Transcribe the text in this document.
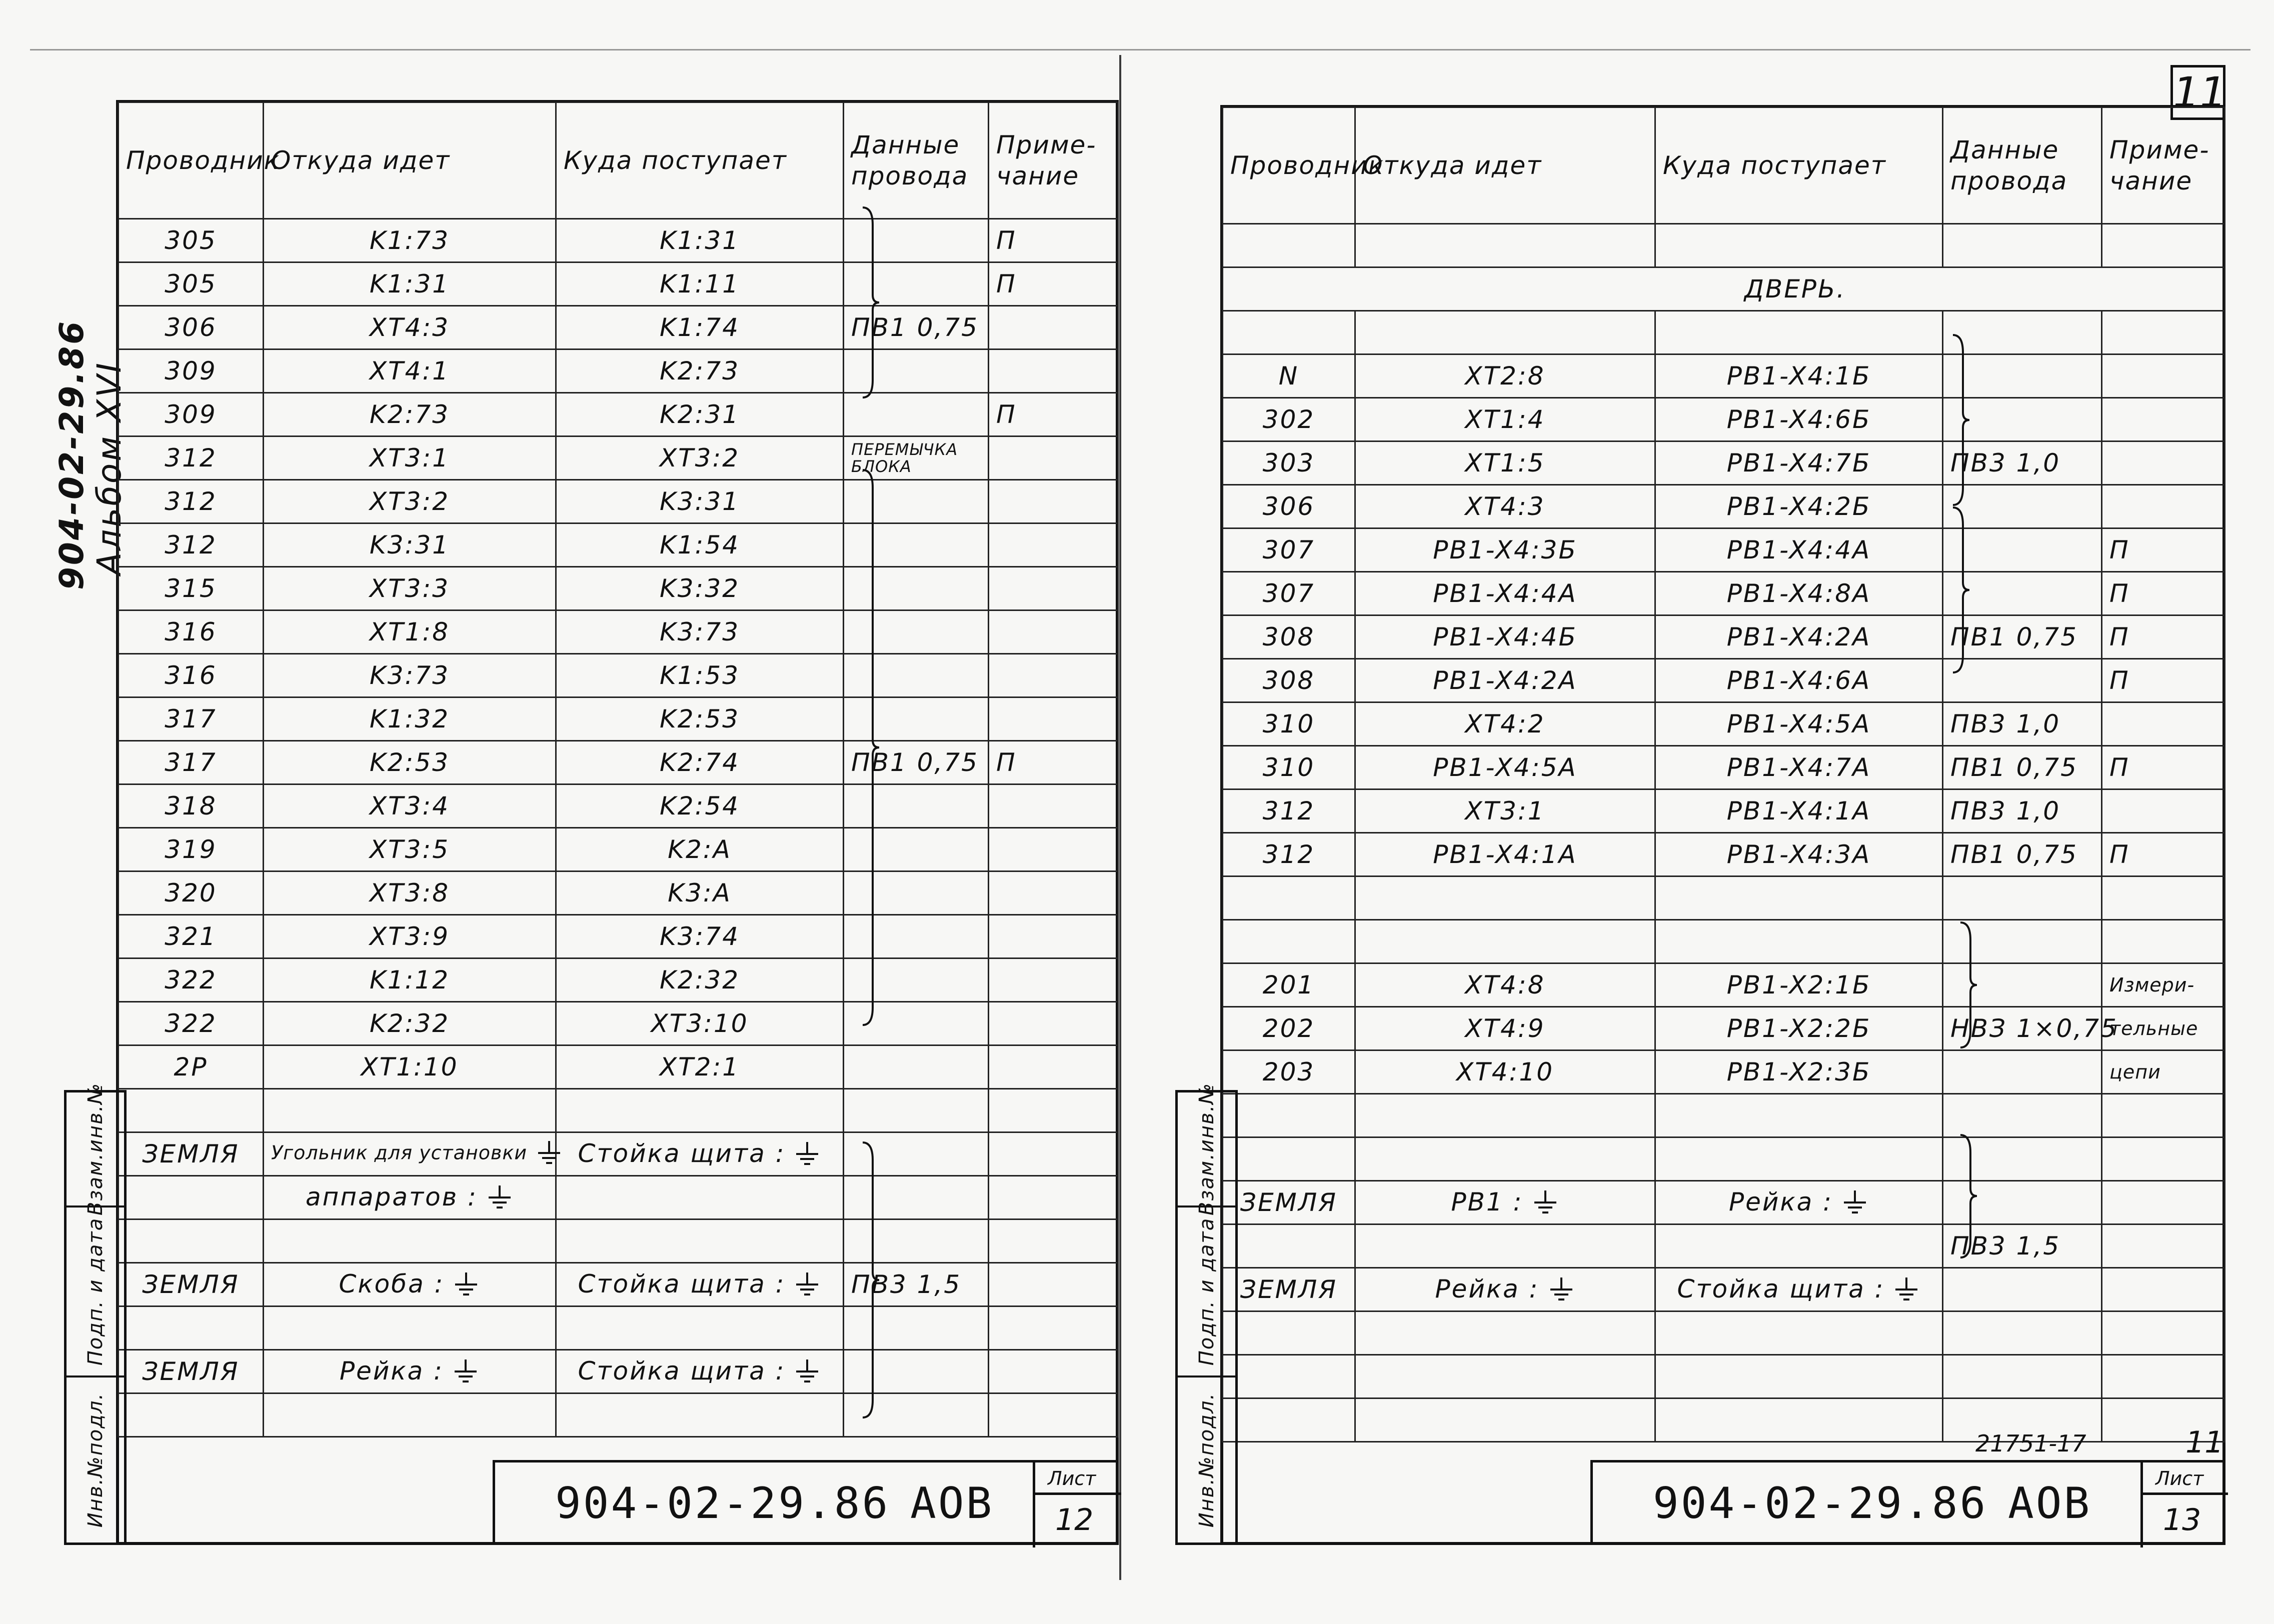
904-02-29.86
Альбом XVI
Проводник	Откуда идет	Куда поступает	Данные провода	Приме-чание
305	K1:73	K1:31		П
305	K1:31	K1:11		П
306	XT4:3	K1:74	ПВ1 0,75	
309	XT4:1	K2:73		
309	K2:73	K2:31		П
312	XT3:1	XT3:2	ПЕРЕМЫЧКА БЛОКА	
312	XT3:2	K3:31		
312	K3:31	K1:54		
315	XT3:3	K3:32		
316	XT1:8	K3:73		
316	K3:73	K1:53		
317	K1:32	K2:53		
317	K2:53	K2:74	ПВ1 0,75	П
318	XT3:4	K2:54		
319	XT3:5	K2:A		
320	XT3:8	K3:A		
321	XT3:9	K3:74		
322	K1:12	K2:32		
322	K2:32	XT3:10		
2P	XT1:10	XT2:1		

ЗЕМЛЯ	Угольник для установки	Стойка щита :		
	аппаратов :			

ЗЕМЛЯ	Скоба :	Стойка щита :	ПВ3 1,5	

ЗЕМЛЯ	Рейка :	Стойка щита :		

Взам.инв.№
Подп. и дата
Инв.№подл.	904-02-29.86 АОВ	Лист
12
11
Проводник	Откуда идет	Куда поступает	Данные провода	Приме-чание

ДВЕРЬ.				

N	XT2:8	PB1-X4:1Б		
302	XT1:4	PB1-X4:6Б		
303	XT1:5	PB1-X4:7Б	ПВ3 1,0	
306	XT4:3	PB1-X4:2Б		
307	PB1-X4:3Б	PB1-X4:4A		П
307	PB1-X4:4A	PB1-X4:8A		П
308	PB1-X4:4Б	PB1-X4:2A	ПВ1 0,75	П
308	PB1-X4:2A	PB1-X4:6A		П
310	XT4:2	PB1-X4:5A	ПВ3 1,0	
310	PB1-X4:5A	PB1-X4:7A	ПВ1 0,75	П
312	XT3:1	PB1-X4:1A	ПВ3 1,0	
312	PB1-X4:1A	PB1-X4:3A	ПВ1 0,75	П

201	XT4:8	PB1-X2:1Б		Измери-
202	XT4:9	PB1-X2:2Б	НВЗ 1×0,75	тельные
203	XT4:10	PB1-X2:3Б		цепи

ЗЕМЛЯ	PB1 :	Рейка :		
			ПВ3 1,5	
ЗЕМЛЯ	Рейка :	Стойка щита :		

Взам.инв.№
Подп. и дата
Инв.№подл.	21751-17	11
904-02-29.86 АОВ	Лист
13
